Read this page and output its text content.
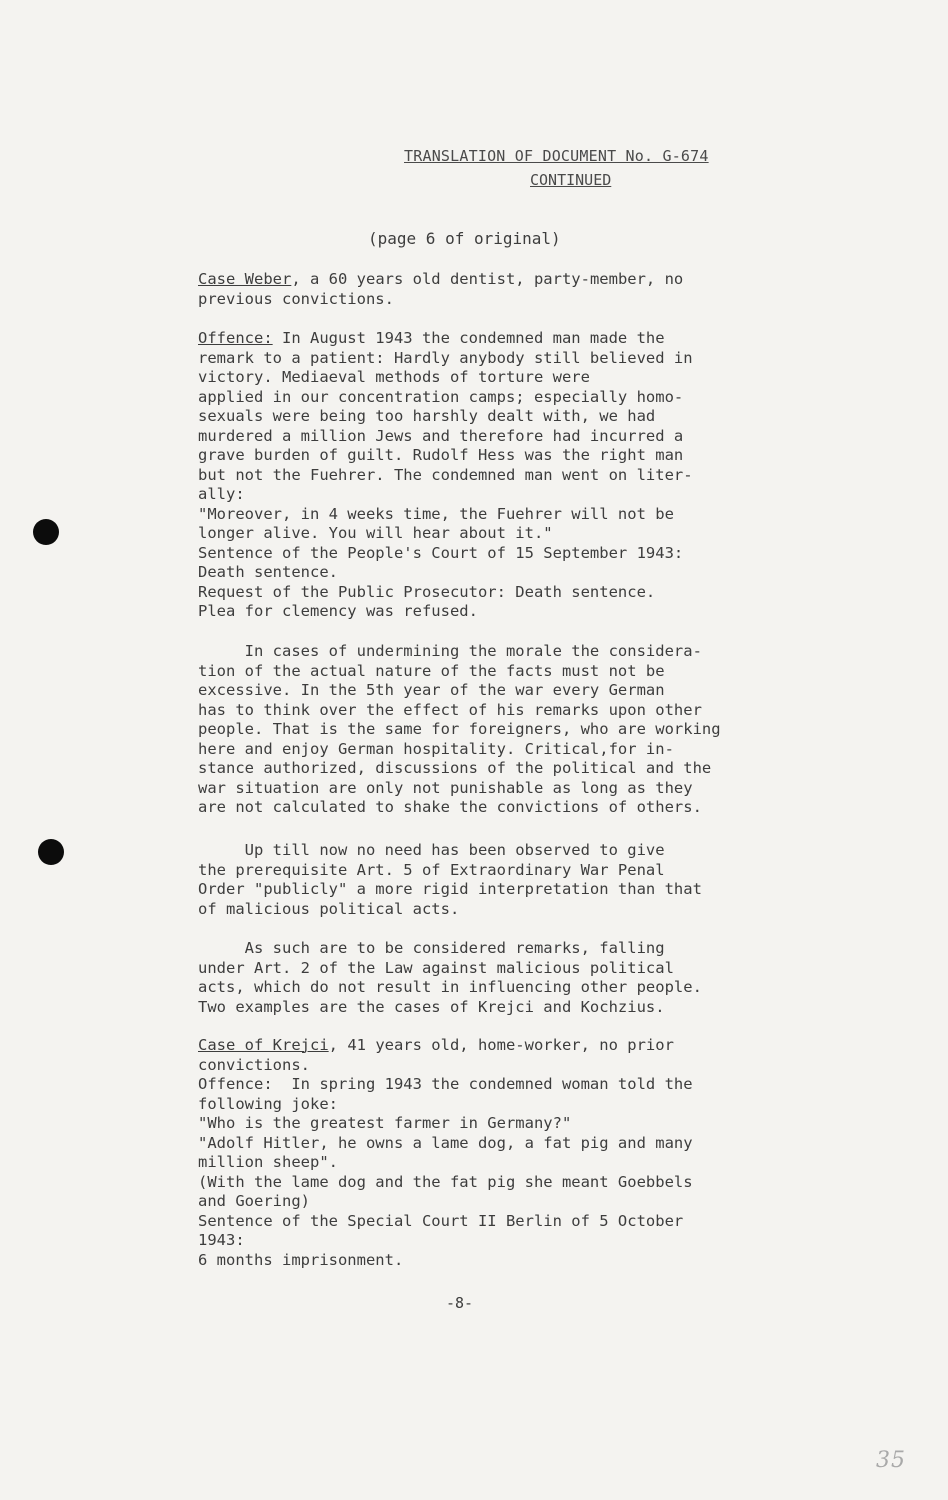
TRANSLATION OF DOCUMENT No. G-674

CONTINUED

(page 6 of original)

Case Weber, a 60 years old dentist, party-member, no
previous convictions.
Offence: In August 1943 the condemned man made the
remark to a patient: Hardly anybody still believed in
victory. Mediaeval methods of torture were
applied in our concentration camps; especially homo-
sexuals were being too harshly dealt with, we had
murdered a million Jews and therefore had incurred a
grave burden of guilt. Rudolf Hess was the right man
but not the Fuehrer. The condemned man went on liter-
ally:
"Moreover, in 4 weeks time, the Fuehrer will not be
longer alive. You will hear about it."
Sentence of the People's Court of 15 September 1943:
Death sentence.
Request of the Public Prosecutor: Death sentence.
Plea for clemency was refused.
In cases of undermining the morale the considera-
tion of the actual nature of the facts must not be
excessive. In the 5th year of the war every German
has to think over the effect of his remarks upon other
people. That is the same for foreigners, who are working
here and enjoy German hospitality. Critical,for in-
stance authorized, discussions of the political and the
war situation are only not punishable as long as they
are not calculated to shake the convictions of others.
Up till now no need has been observed to give
the prerequisite Art. 5 of Extraordinary War Penal
Order "publicly" a more rigid interpretation than that
of malicious political acts.
As such are to be considered remarks, falling
under Art. 2 of the Law against malicious political
acts, which do not result in influencing other people.
Two examples are the cases of Krejci and Kochzius.
Case of Krejci, 41 years old, home-worker, no prior
convictions.
Offence:  In spring 1943 the condemned woman told the
following joke:
"Who is the greatest farmer in Germany?"
"Adolf Hitler, he owns a lame dog, a fat pig and many
million sheep".
(With the lame dog and the fat pig she meant Goebbels
and Goering)
Sentence of the Special Court II Berlin of 5 October
1943:
6 months imprisonment.

-8-

35
